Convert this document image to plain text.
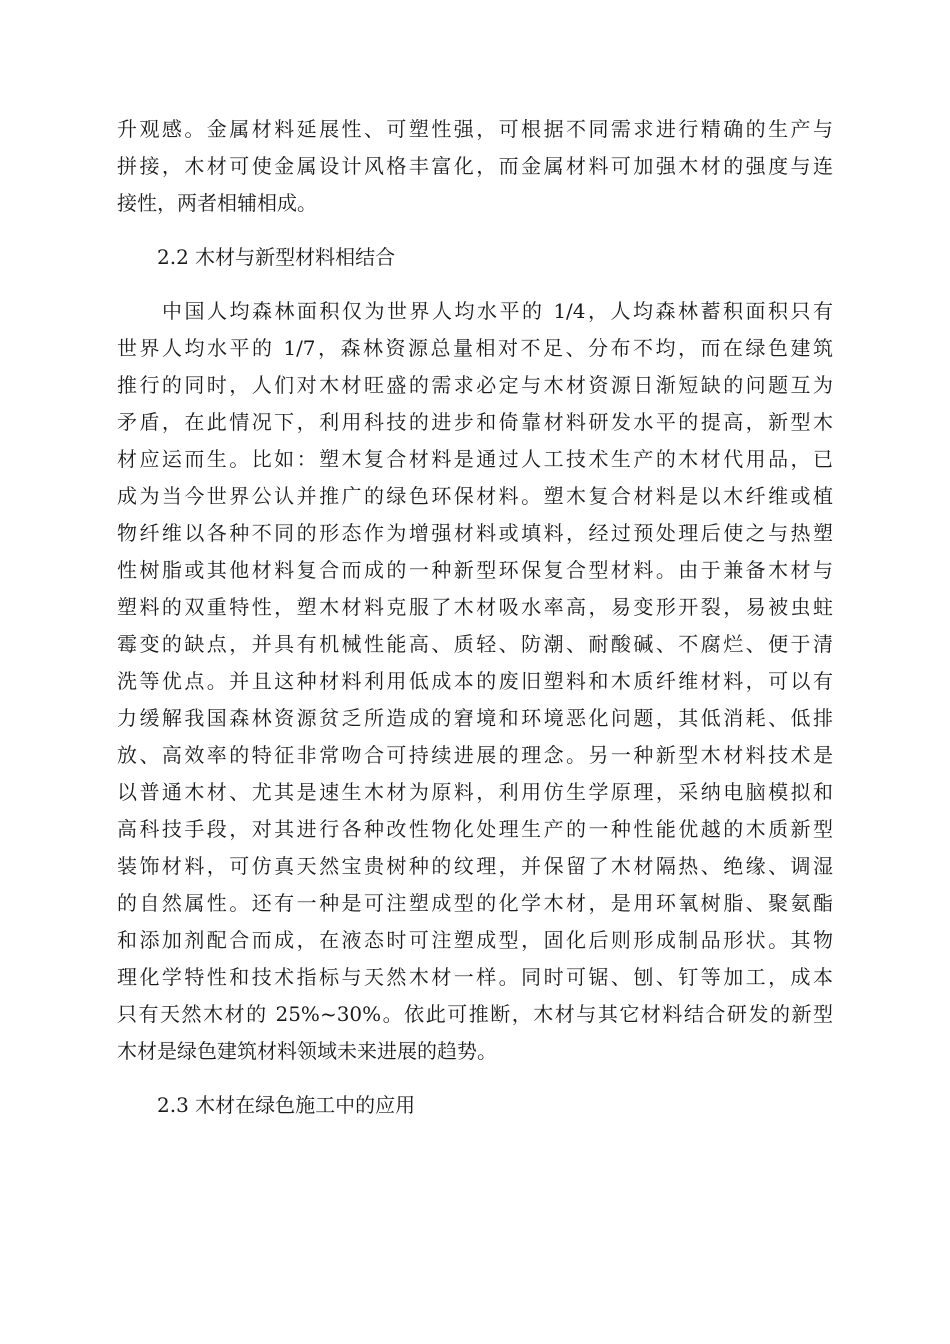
升观感。金属材料延展性、可塑性强，可根据不同需求进行精确的生产与
拼接，木材可使金属设计风格丰富化，而金属材料可加强木材的强度与连
接性，两者相辅相成。
2.2 木材与新型材料相结合
　　中国人均森林面积仅为世界人均水平的 1/4，人均森林蓄积面积只有
世界人均水平的 1/7，森林资源总量相对不足、分布不均，而在绿色建筑
推行的同时，人们对木材旺盛的需求必定与木材资源日渐短缺的问题互为
矛盾，在此情况下，利用科技的进步和倚靠材料研发水平的提高，新型木
材应运而生。比如：塑木复合材料是通过人工技术生产的木材代用品，已
成为当今世界公认并推广的绿色环保材料。塑木复合材料是以木纤维或植
物纤维以各种不同的形态作为增强材料或填料，经过预处理后使之与热塑
性树脂或其他材料复合而成的一种新型环保复合型材料。由于兼备木材与
塑料的双重特性，塑木材料克服了木材吸水率高，易变形开裂，易被虫蛀
霉变的缺点，并具有机械性能高、质轻、防潮、耐酸碱、不腐烂、便于清
洗等优点。并且这种材料利用低成本的废旧塑料和木质纤维材料，可以有
力缓解我国森林资源贫乏所造成的窘境和环境恶化问题，其低消耗、低排
放、高效率的特征非常吻合可持续进展的理念。另一种新型木材料技术是
以普通木材、尤其是速生木材为原料，利用仿生学原理，采纳电脑模拟和
高科技手段，对其进行各种改性物化处理生产的一种性能优越的木质新型
装饰材料，可仿真天然宝贵树种的纹理，并保留了木材隔热、绝缘、调湿
的自然属性。还有一种是可注塑成型的化学木材，是用环氧树脂、聚氨酯
和添加剂配合而成，在液态时可注塑成型，固化后则形成制品形状。其物
理化学特性和技术指标与天然木材一样。同时可锯、刨、钉等加工，成本
只有天然木材的 25%~30%。依此可推断，木材与其它材料结合研发的新型
木材是绿色建筑材料领域未来进展的趋势。
2.3 木材在绿色施工中的应用
